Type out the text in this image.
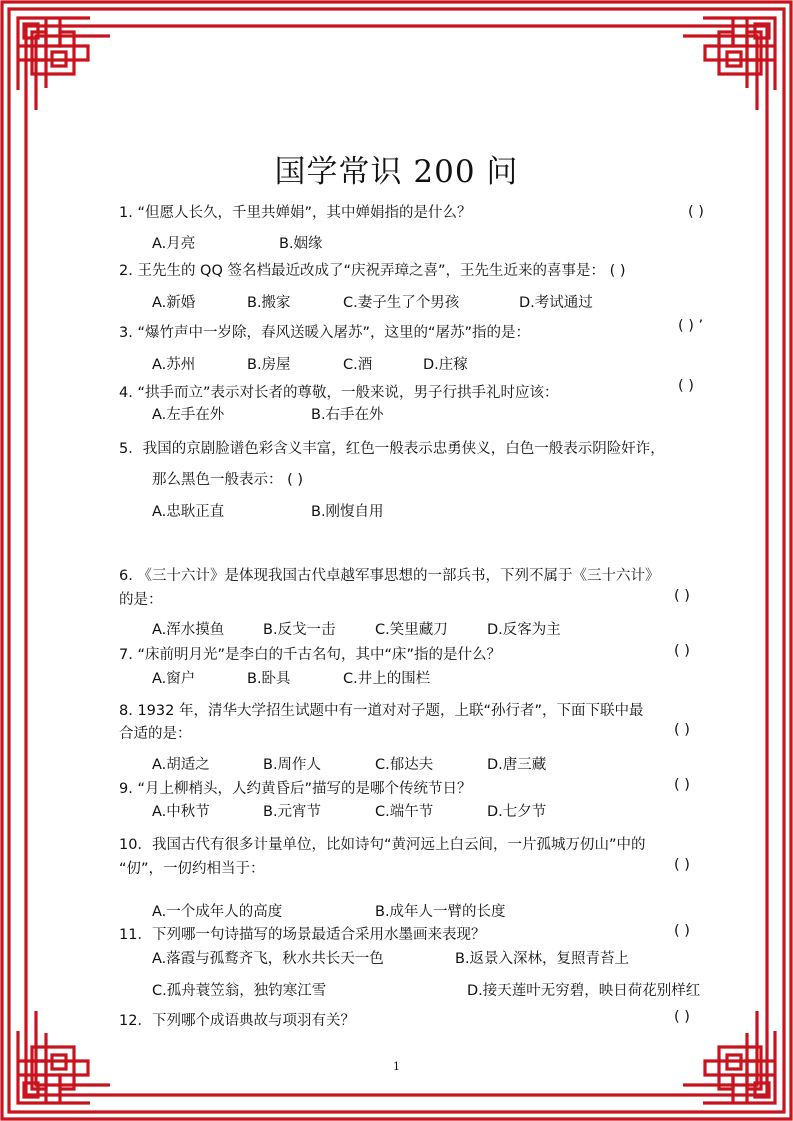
国学常识 200 问
1. “但愿人长久，千里共婵娟”，其中婵娟指的是什么？	( )
A.月亮	B.姻缘
2. 王先生的 QQ 签名档最近改成了“庆祝弄璋之喜”，王先生近来的喜事是： ( )
A.新婚	B.搬家	C.妻子生了个男孩	D.考试通过
3. “爆竹声中一岁除，春风送暖入屠苏”，这里的“屠苏”指的是：	( ) ’
A.苏州	B.房屋	C.酒	D.庄稼
4. “拱手而立”表示对长者的尊敬，一般来说，男子行拱手礼时应该：	( )
A.左手在外	B.右手在外
5．我国的京剧脸谱色彩含义丰富，红色一般表示忠勇侠义，白色一般表示阴险奸诈，
那么黑色一般表示： ( )
A.忠耿正直	B.刚愎自用
6. 《三十六计》是体现我国古代卓越军事思想的一部兵书，下列不属于《三十六计》
的是：	( )
A.浑水摸鱼	B.反戈一击	C.笑里藏刀	D.反客为主
7. “床前明月光”是李白的千古名句，其中“床”指的是什么？	( )
A.窗户	B.卧具	C.井上的围栏
8. 1932 年，清华大学招生试题中有一道对对子题，上联“孙行者”，下面下联中最
合适的是：	( )
A.胡适之	B.周作人	C.郁达夫	D.唐三藏
9. “月上柳梢头，人约黄昏后”描写的是哪个传统节日？	( )
A.中秋节	B.元宵节	C.端午节	D.七夕节
10．我国古代有很多计量单位，比如诗句“黄河远上白云间，一片孤城万仞山”中的
“仞”，一仞约相当于：	( )
A.一个成年人的高度	B.成年人一臂的长度
11．下列哪一句诗描写的场景最适合采用水墨画来表现？	( )
A.落霞与孤鹜齐飞，秋水共长天一色	B.返景入深林，复照青苔上
C.孤舟蓑笠翁，独钓寒江雪	D.接天莲叶无穷碧，映日荷花别样红
12．下列哪个成语典故与项羽有关？	( )
1
